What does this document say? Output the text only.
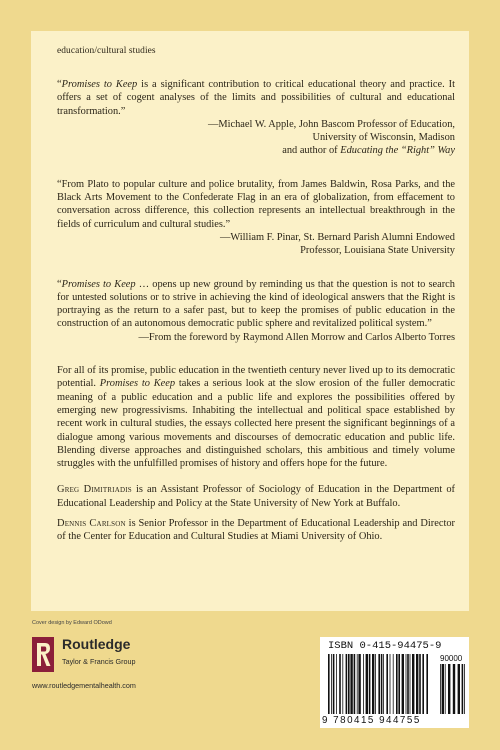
education/cultural studies

“Promises to Keep is a significant contribution to critical educational theory and practice. It offers a set of cogent analyses of the limits and possibilities of cultural and educational transformation.”

—Michael W. Apple, John Bascom Professor of Education,
University of Wisconsin, Madison
and author of Educating the “Right” Way

“From Plato to popular culture and police brutality, from James Baldwin, Rosa Parks, and the Black Arts Movement to the Confederate Flag in an era of globalization, from effacement to conversation across difference, this collection represents an intellectual breakthrough in the fields of curriculum and cultural studies.”

—William F. Pinar, St. Bernard Parish Alumni Endowed
Professor, Louisiana State University

“Promises to Keep … opens up new ground by reminding us that the question is not to search for untested solutions or to strive in achieving the kind of ideological answers that the Right is portraying as the return to a safer past, but to keep the promises of public education in the construction of an autonomous democratic public sphere and revitalized political system.”

—From the foreword by Raymond Allen Morrow and Carlos Alberto Torres

For all of its promise, public education in the twentieth century never lived up to its democratic potential. Promises to Keep takes a serious look at the slow erosion of the fuller democratic meaning of a public education and a public life and explores the possibilities offered by emerging new progressivisms. Inhabiting the intellectual and political space established by recent work in cultural studies, the essays collected here present the significant beginnings of a dialogue among various movements and discourses of democratic education and public life. Blending diverse approaches and distinguished scholars, this ambitious and timely volume struggles with the unfulfilled promises of history and offers hope for the future.

Greg Dimitriadis is an Assistant Professor of Sociology of Education in the Department of Educational Leadership and Policy at the State University of New York at Buffalo.

Dennis Carlson is Senior Professor in the Department of Educational Leadership and Director of the Center for Education and Cultural Studies at Miami University of Ohio.

Cover design by Edward ODowd
Routledge
Taylor & Francis Group
www.routledgementalhealth.com
ISBN 0-415-94475-9
90000
9 780415 944755
